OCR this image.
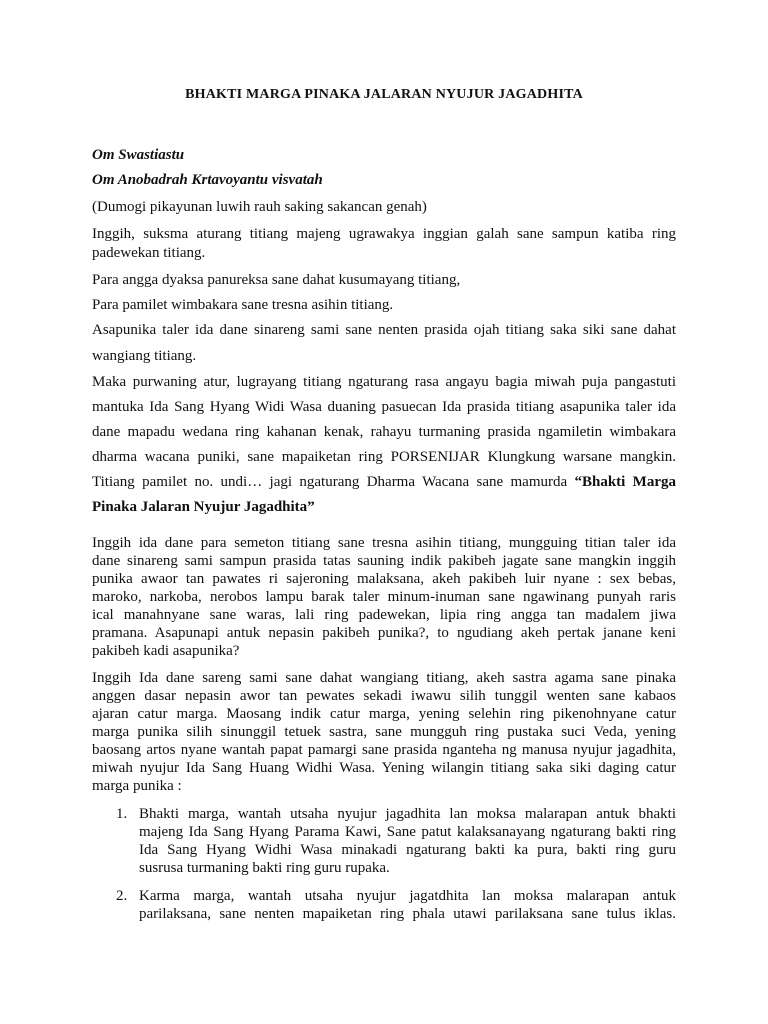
BHAKTI MARGA PINAKA JALARAN NYUJUR JAGADHITA
Om Swastiastu
Om Anobadrah Krtavoyantu visvatah
(Dumogi pikayunan luwih rauh saking sakancan genah)
Inggih, suksma aturang titiang majeng ugrawakya inggian galah sane sampun katiba ring
padewekan titiang.
Para angga dyaksa panureksa sane dahat kusumayang titiang,
Para pamilet wimbakara sane tresna asihin titiang.
Asapunika taler ida dane sinareng sami sane nenten prasida ojah titiang saka siki sane dahat
wangiang titiang.
Maka purwaning atur, lugrayang titiang ngaturang rasa angayu bagia miwah puja pangastuti
mantuka Ida Sang Hyang Widi Wasa duaning pasuecan Ida prasida titiang asapunika taler ida
dane mapadu wedana ring kahanan kenak, rahayu turmaning prasida ngamiletin wimbakara
dharma wacana puniki, sane mapaiketan ring PORSENIJAR Klungkung warsane mangkin.
Titiang pamilet no. undi… jagi ngaturang Dharma Wacana sane mamurda “Bhakti Marga
Pinaka Jalaran Nyujur Jagadhita”
Inggih ida dane para semeton titiang sane tresna asihin titiang, mungguing titian taler ida
dane sinareng sami sampun prasida tatas sauning indik pakibeh jagate sane mangkin inggih
punika awaor tan pawates ri sajeroning malaksana, akeh pakibeh luir nyane : sex bebas,
maroko, narkoba, nerobos lampu barak taler minum-inuman sane ngawinang punyah raris
ical manahnyane sane waras, lali ring padewekan, lipia ring angga tan madalem jiwa
pramana. Asapunapi antuk nepasin pakibeh punika?, to ngudiang akeh pertak janane keni
pakibeh kadi asapunika?
Inggih Ida dane sareng sami sane dahat wangiang titiang, akeh sastra agama sane pinaka
anggen dasar nepasin awor tan pewates sekadi iwawu silih tunggil wenten sane kabaos
ajaran catur marga. Maosang indik catur marga, yening selehin ring pikenohnyane catur
marga punika silih sinunggil tetuek sastra, sane mungguh ring pustaka suci Veda, yening
baosang artos nyane wantah papat pamargi sane prasida nganteha ng manusa nyujur jagadhita,
miwah nyujur Ida Sang Huang Widhi Wasa. Yening wilangin titiang saka siki daging catur
marga punika :
1. Bhakti marga, wantah utsaha nyujur jagadhita lan moksa malarapan antuk bhakti
majeng Ida Sang Hyang Parama Kawi, Sane patut kalaksanayang ngaturang bakti ring
Ida Sang Hyang Widhi Wasa minakadi ngaturang bakti ka pura, bakti ring guru
susrusa turmaning bakti ring guru rupaka.
2. Karma marga, wantah utsaha nyujur jagatdhita lan moksa malarapan antuk
parilaksana, sane nenten mapaiketan ring phala utawi parilaksana sane tulus iklas.
